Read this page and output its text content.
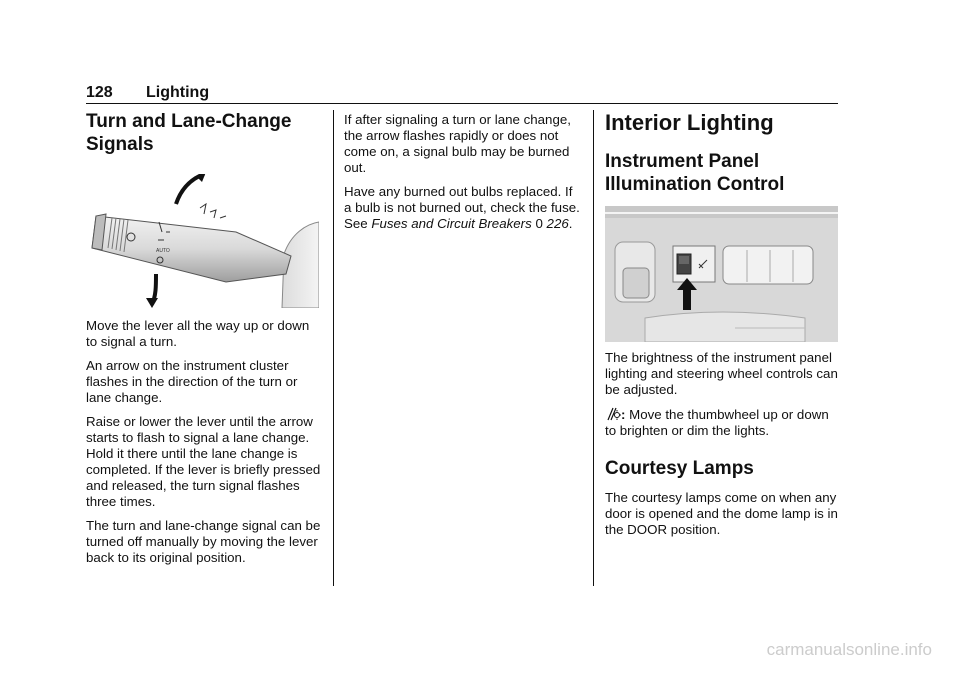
128 Lighting
Turn and Lane-Change Signals
AUTO

Move the lever all the way up or down to signal a turn.

An arrow on the instrument cluster flashes in the direction of the turn or lane change.

Raise or lower the lever until the arrow starts to flash to signal a lane change. Hold it there until the lane change is completed. If the lever is briefly pressed and released, the turn signal flashes three times.

The turn and lane-change signal can be turned off manually by moving the lever back to its original position.

If after signaling a turn or lane change, the arrow flashes rapidly or does not come on, a signal bulb may be burned out.

Have any burned out bulbs replaced. If a bulb is not burned out, check the fuse. See Fuses and Circuit Breakers 0 226.

Interior Lighting
Instrument Panel Illumination Control

The brightness of the instrument panel lighting and steering wheel controls can be adjusted.

: Move the thumbwheel up or down to brighten or dim the lights.

Courtesy Lamps

The courtesy lamps come on when any door is opened and the dome lamp is in the DOOR position.

carmanualsonline.info
